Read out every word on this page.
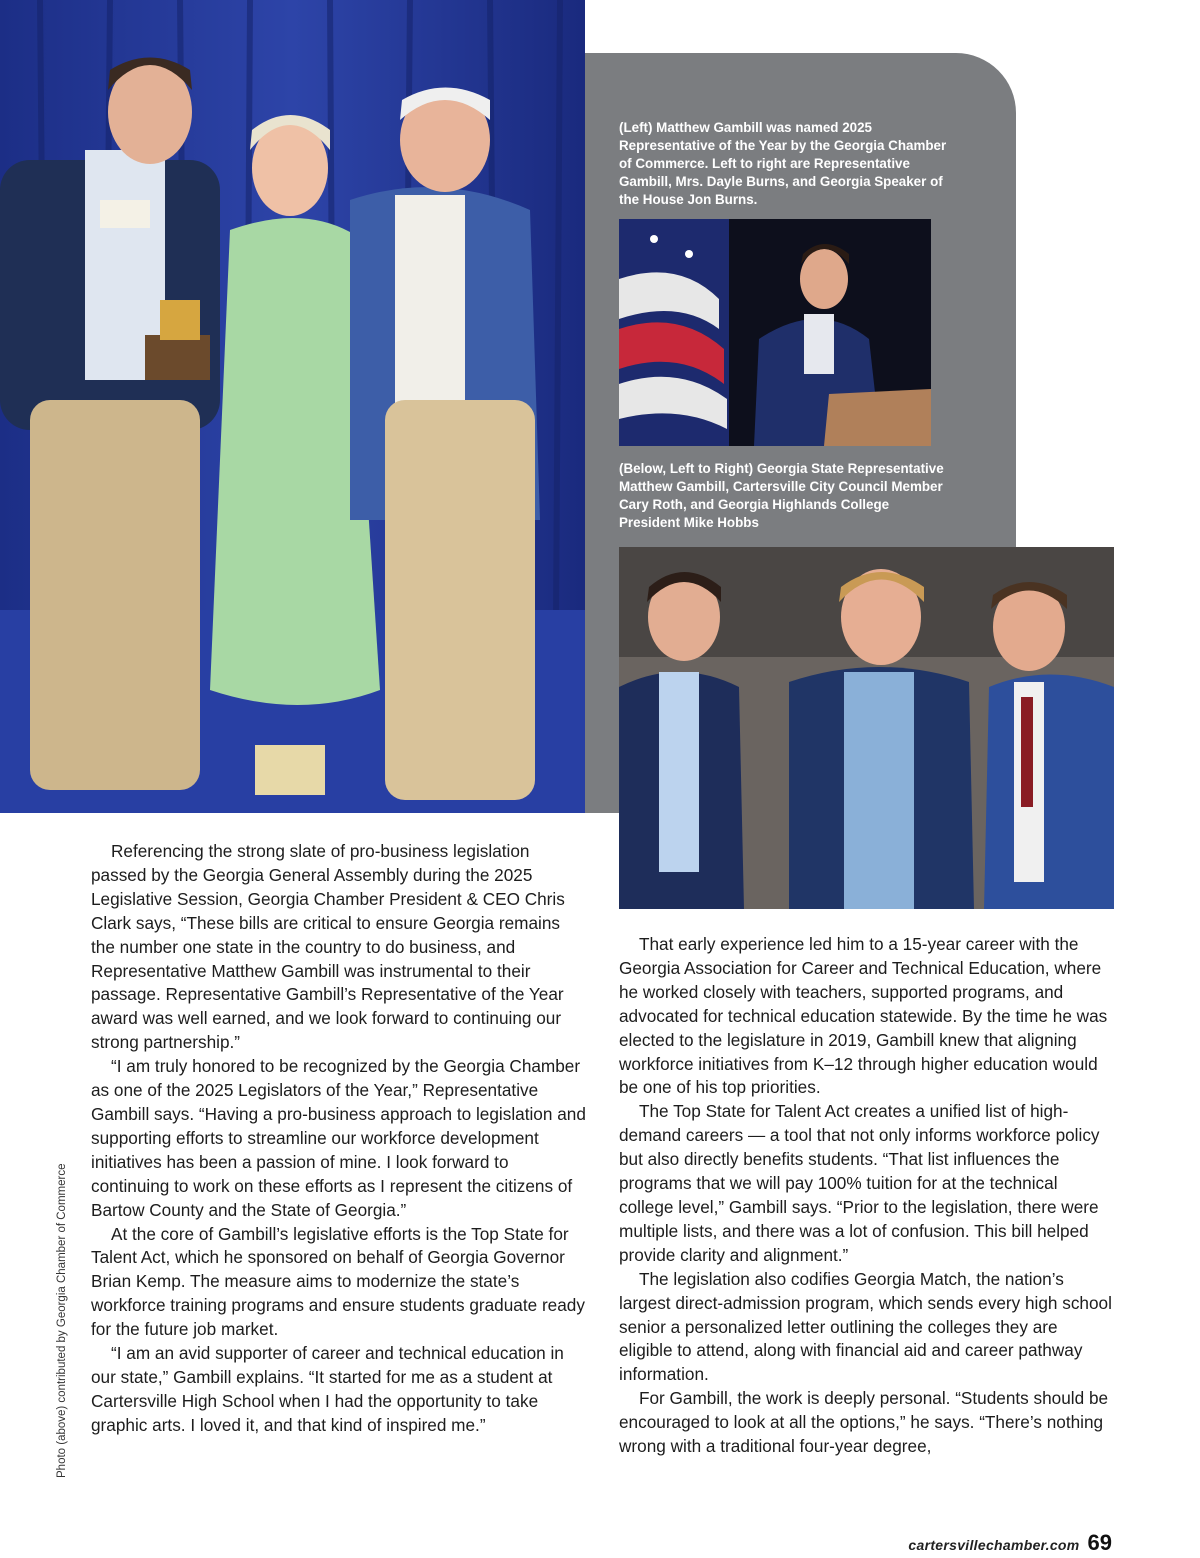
(Left) Matthew Gambill was named 2025 Representative of the Year by the Georgia Chamber of Commerce. Left to right are Representative Gambill, Mrs. Dayle Burns, and Georgia Speaker of the House Jon Burns.
(Below, Left to Right) Georgia State Representative Matthew Gambill, Cartersville City Council Member Cary Roth, and Georgia Highlands College President Mike Hobbs

Referencing the strong slate of pro-business legislation passed by the Georgia General Assembly during the 2025 Legislative Session, Georgia Chamber President & CEO Chris Clark says, “These bills are critical to ensure Georgia remains the number one state in the country to do business, and Representative Matthew Gambill was instrumental to their passage. Representative Gambill’s Representative of the Year award was well earned, and we look forward to continuing our strong partnership.”

“I am truly honored to be recognized by the Georgia Chamber as one of the 2025 Legislators of the Year,” Representative Gambill says. “Having a pro-business approach to legislation and supporting efforts to streamline our workforce development initiatives has been a passion of mine. I look forward to continuing to work on these efforts as I represent the citizens of Bartow County and the State of Georgia.”

At the core of Gambill’s legislative efforts is the Top State for Talent Act, which he sponsored on behalf of Georgia Governor Brian Kemp. The measure aims to modernize the state’s workforce training programs and ensure students graduate ready for the future job market.

“I am an avid supporter of career and technical education in our state,” Gambill explains. “It started for me as a student at Cartersville High School when I had the opportunity to take graphic arts. I loved it, and that kind of inspired me.”

That early experience led him to a 15-year career with the Georgia Association for Career and Technical Education, where he worked closely with teachers, supported programs, and advocated for technical education statewide. By the time he was elected to the legislature in 2019, Gambill knew that aligning workforce initiatives from K–12 through higher education would be one of his top priorities.

The Top State for Talent Act creates a unified list of high-demand careers — a tool that not only informs workforce policy but also directly benefits students. “That list influences the programs that we will pay 100% tuition for at the technical college level,” Gambill says. “Prior to the legislation, there were multiple lists, and there was a lot of confusion. This bill helped provide clarity and alignment.”

The legislation also codifies Georgia Match, the nation’s largest direct-admission program, which sends every high school senior a personalized letter outlining the colleges they are eligible to attend, along with financial aid and career pathway information.

For Gambill, the work is deeply personal. “Students should be encouraged to look at all the options,” he says. “There’s nothing wrong with a traditional four-year degree,

Photo (above) contributed by Georgia Chamber of Commerce
cartersvillechamber.com 69
